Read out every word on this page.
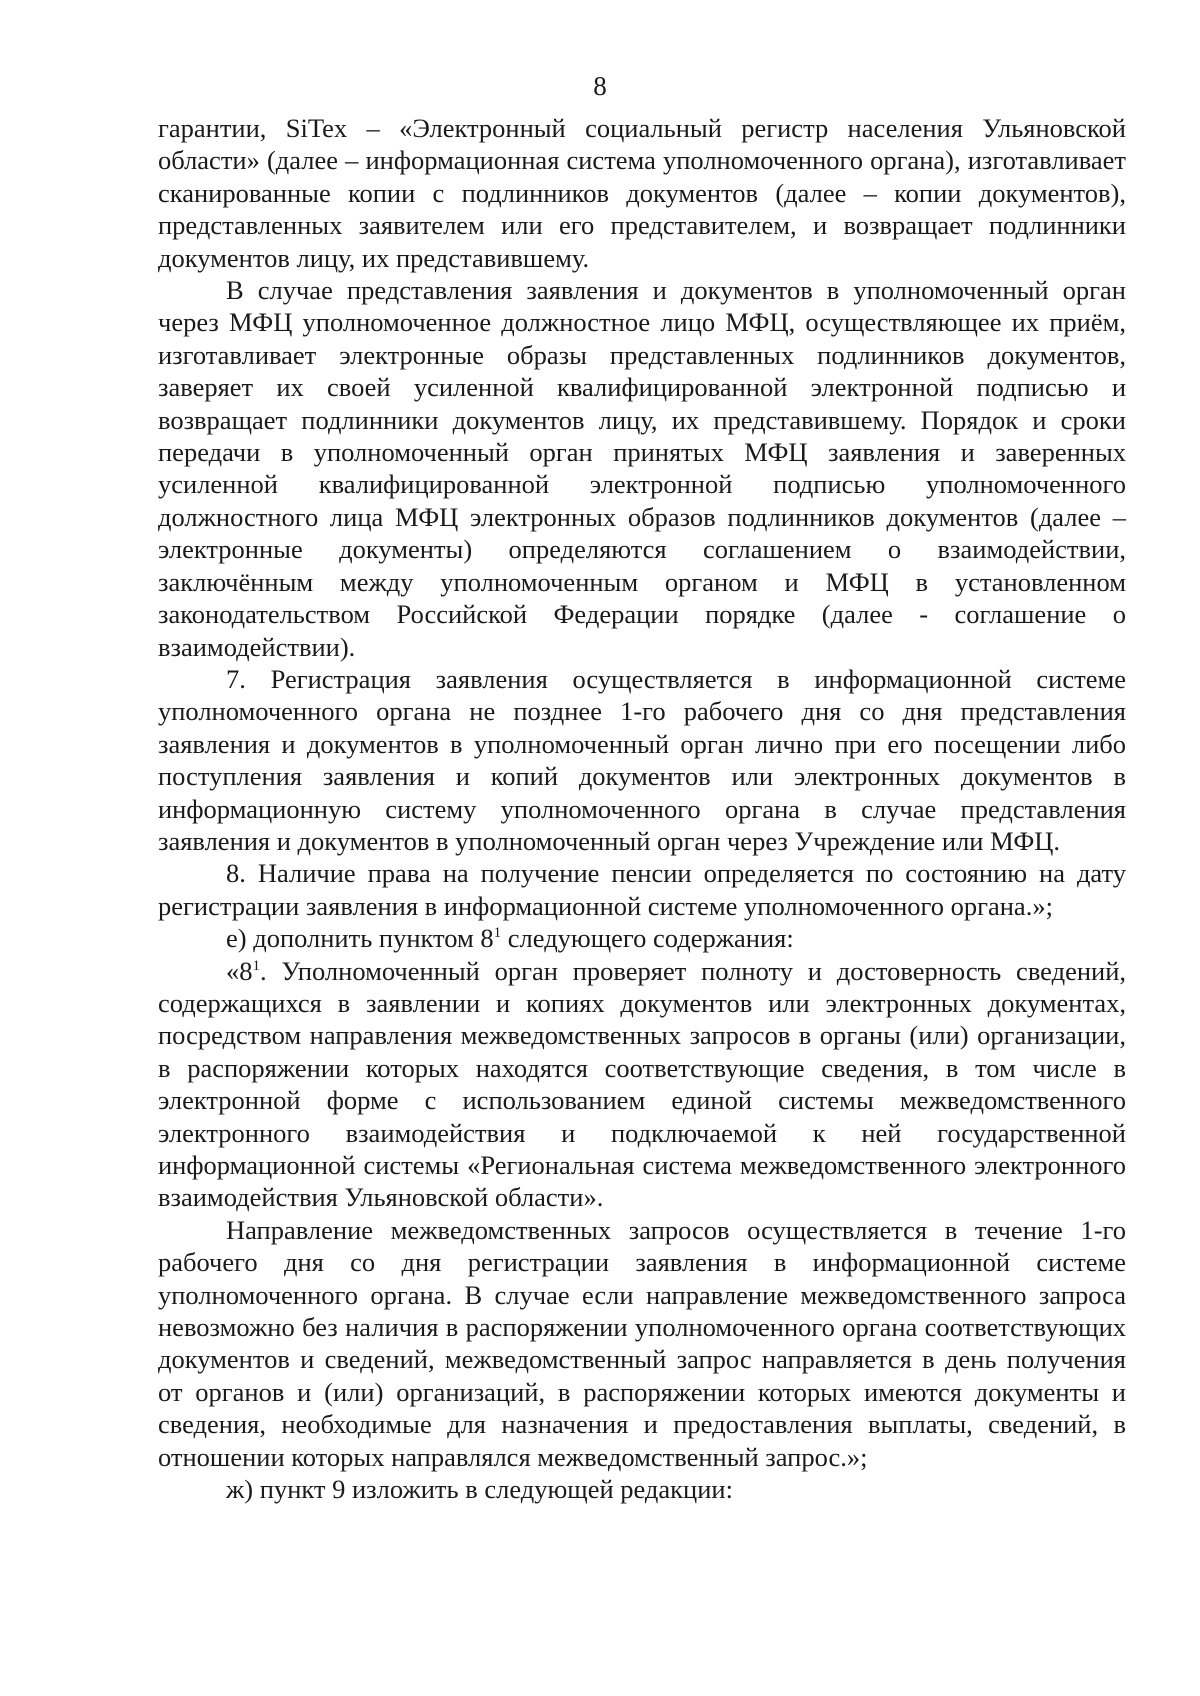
8

гарантии, SiTex – «Электронный социальный регистр населения Ульяновской области» (далее – информационная система уполномоченного органа), изготавливает сканированные копии с подлинников документов (далее – копии документов), представленных заявителем или его представителем, и возвращает подлинники документов лицу, их представившему.

В случае представления заявления и документов в уполномоченный орган через МФЦ уполномоченное должностное лицо МФЦ, осуществляющее их приём, изготавливает электронные образы представленных подлинников документов, заверяет их своей усиленной квалифицированной электронной подписью и возвращает подлинники документов лицу, их представившему. Порядок и сроки передачи в уполномоченный орган принятых МФЦ заявления и заверенных усиленной квалифицированной электронной подписью уполномоченного должностного лица МФЦ электронных образов подлинников документов (далее – электронные документы) определяются соглашением о взаимодействии, заключённым между уполномоченным органом и МФЦ в установленном законодательством Российской Федерации порядке (далее - соглашение о взаимодействии).

7. Регистрация заявления осуществляется в информационной системе уполномоченного органа не позднее 1-го рабочего дня со дня представления заявления и документов в уполномоченный орган лично при его посещении либо поступления заявления и копий документов или электронных документов в информационную систему уполномоченного органа в случае представления заявления и документов в уполномоченный орган через Учреждение или МФЦ.

8. Наличие права на получение пенсии определяется по состоянию на дату регистрации заявления в информационной системе уполномоченного органа.»;

е) дополнить пунктом $8^1$ следующего содержания:

«$8^1$. Уполномоченный орган проверяет полноту и достоверность сведений, содержащихся в заявлении и копиях документов или электронных документах, посредством направления межведомственных запросов в органы (или) организации, в распоряжении которых находятся соответствующие сведения, в том числе в электронной форме с использованием единой системы межведомственного электронного взаимодействия и подключаемой к ней государственной информационной системы «Региональная система межведомственного электронного взаимодействия Ульяновской области».

Направление межведомственных запросов осуществляется в течение 1-го рабочего дня со дня регистрации заявления в информационной системе уполномоченного органа. В случае если направление межведомственного запроса невозможно без наличия в распоряжении уполномоченного органа соответствующих документов и сведений, межведомственный запрос направляется в день получения от органов и (или) организаций, в распоряжении которых имеются документы и сведения, необходимые для назначения и предоставления выплаты, сведений, в отношении которых направлялся межведомственный запрос.»;

ж) пункт 9 изложить в следующей редакции:
